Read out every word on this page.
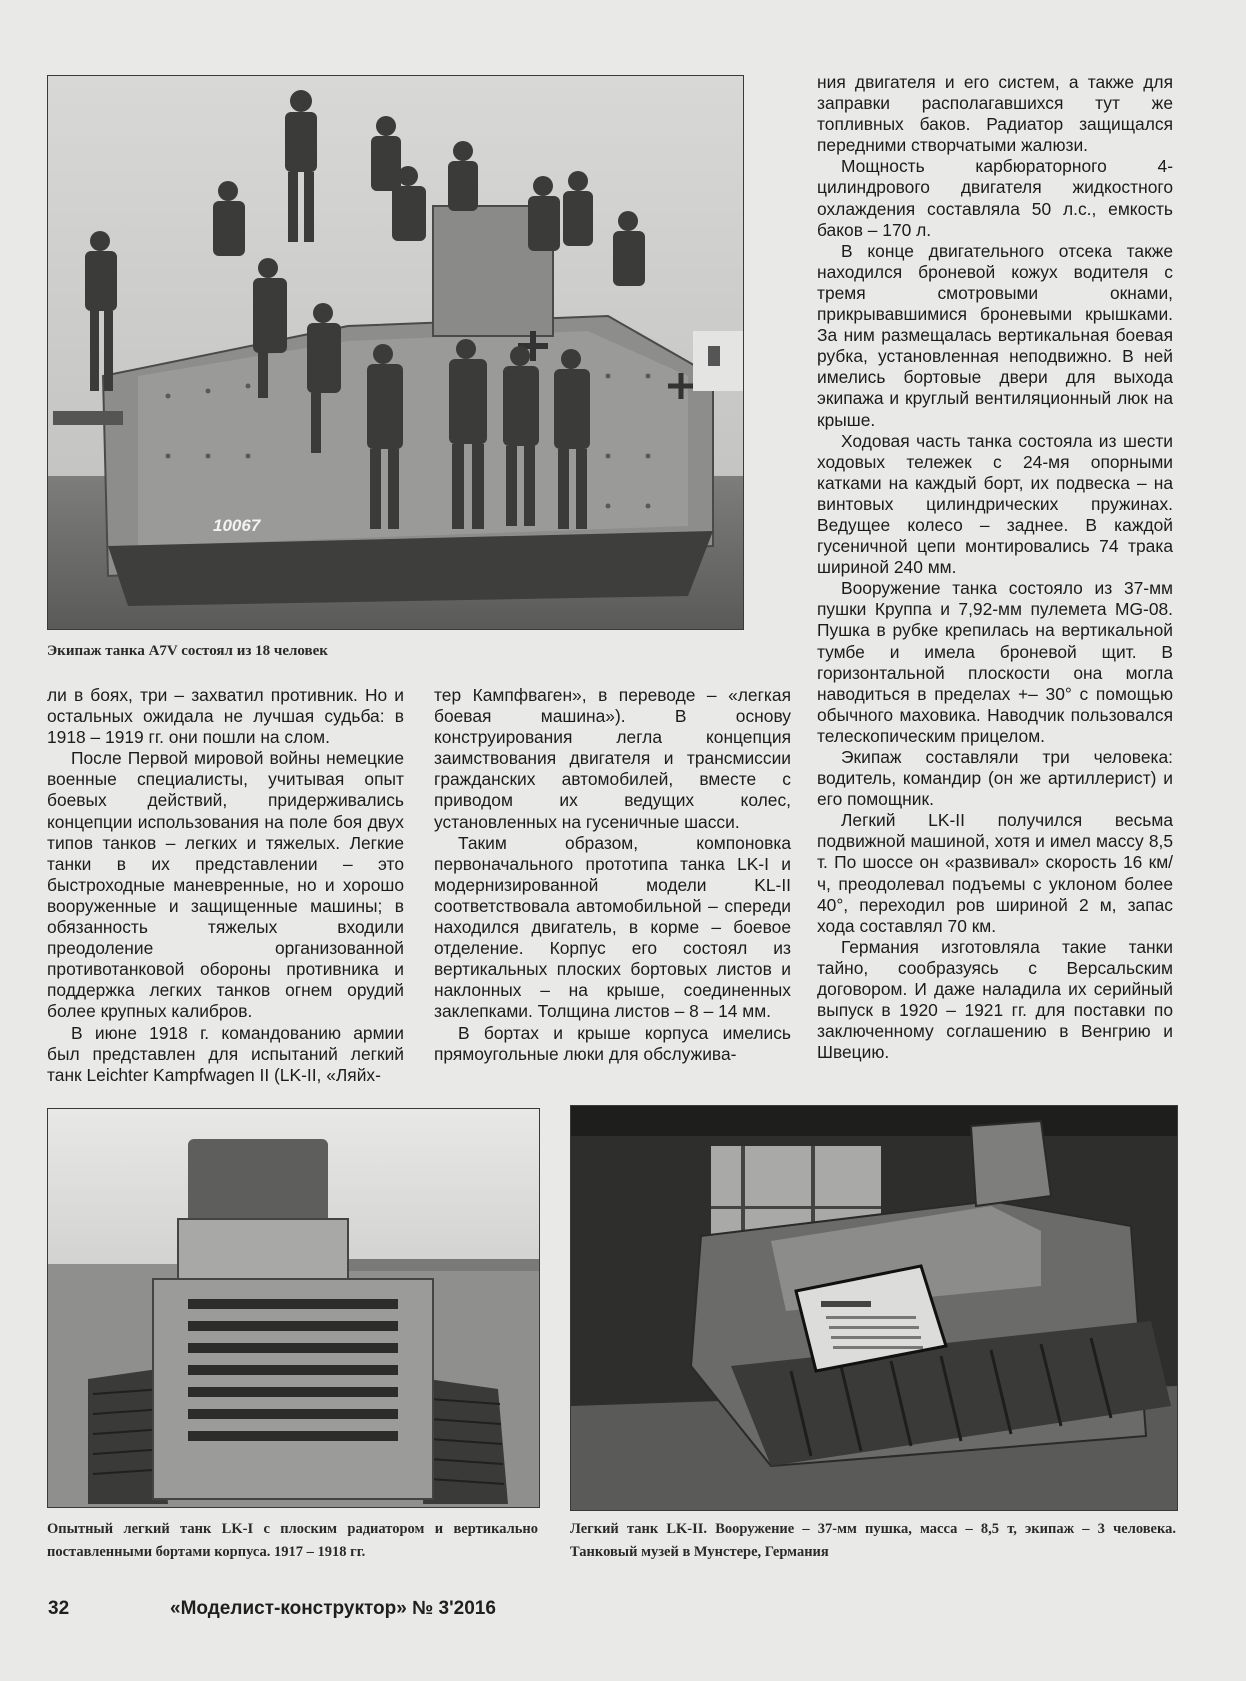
10067
Экипаж танка A7V состоял из 18 человек

ния двигателя и его систем, а также для заправки располагавшихся тут же топливных баков. Радиатор защищался передними створчатыми жалюзи.

Мощность карбюраторного 4-цилиндрового двигателя жидкостного охлаждения составляла 50 л.с., емкость баков – 170 л.

В конце двигательного отсека также находился броневой кожух водителя с тремя смотровыми окнами, прикрывавшимися броневыми крышками. За ним размещалась вертикальная боевая рубка, установленная неподвижно. В ней имелись бортовые двери для выхода экипажа и круглый вентиляционный люк на крыше.

Ходовая часть танка состояла из шести ходовых тележек с 24-мя опорными катками на каждый борт, их подвеска – на винтовых цилиндрических пружинах. Ведущее колесо – заднее. В каждой гусеничной цепи монтировались 74 трака шириной 240 мм.

Вооружение танка состояло из 37-мм пушки Круппа и 7,92-мм пулемета MG-08. Пушка в рубке крепилась на вертикальной тумбе и имела броневой щит. В горизонтальной плоскости она могла наводиться в пределах +– 30° с помощью обычного маховика. Наводчик пользовался телескопическим прицелом.

Экипаж составляли три человека: водитель, командир (он же артиллерист) и его помощник.

Легкий LK-II получился весьма подвижной машиной, хотя и имел массу 8,5 т. По шоссе он «развивал» скорость 16 км/ч, преодолевал подъемы с уклоном более 40°, переходил ров шириной 2 м, запас хода составлял 70 км.

Германия изготовляла такие танки тайно, сообразуясь с Версальским договором. И даже наладила их серийный выпуск в 1920 – 1921 гг. для поставки по заключенному соглашению в Венгрию и Швецию.

ли в боях, три – захватил противник. Но и остальных ожидала не лучшая судьба: в 1918 – 1919 гг. они пошли на слом.

После Первой мировой войны немецкие военные специалисты, учитывая опыт боевых действий, придерживались концепции использования на поле боя двух типов танков – легких и тяжелых. Легкие танки в их представлении – это быстроходные маневренные, но и хорошо вооруженные и защищенные машины; в обязанность тяжелых входили преодоление организованной противотанковой обороны противника и поддержка легких танков огнем орудий более крупных калибров.

В июне 1918 г. командованию армии был представлен для испытаний легкий танк Leichter Kampfwagen II (LK-II, «Ляйх-

тер Кампфваген», в переводе – «легкая боевая машина»). В основу конструирования легла концепция заимствования двигателя и трансмиссии гражданских автомобилей, вместе с приводом их ведущих колес, установленных на гусеничные шасси.

Таким образом, компоновка первоначального прототипа танка LK-I и модернизированной модели KL-II соответствовала автомобильной – спереди находился двигатель, в корме – боевое отделение. Корпус его состоял из вертикальных плоских бортовых листов и наклонных – на крыше, соединенных заклепками. Толщина листов – 8 – 14 мм.

В бортах и крыше корпуса имелись прямоугольные люки для обслужива-

Опытный легкий танк LK-I с плоским радиатором и вертикально поставленными бортами корпуса. 1917 – 1918 гг.
Легкий танк LK-II. Вооружение – 37-мм пушка, масса – 8,5 т, экипаж – 3 человека. Танковый музей в Мунстере, Германия
32	«Моделист-конструктор» № 3'2016
